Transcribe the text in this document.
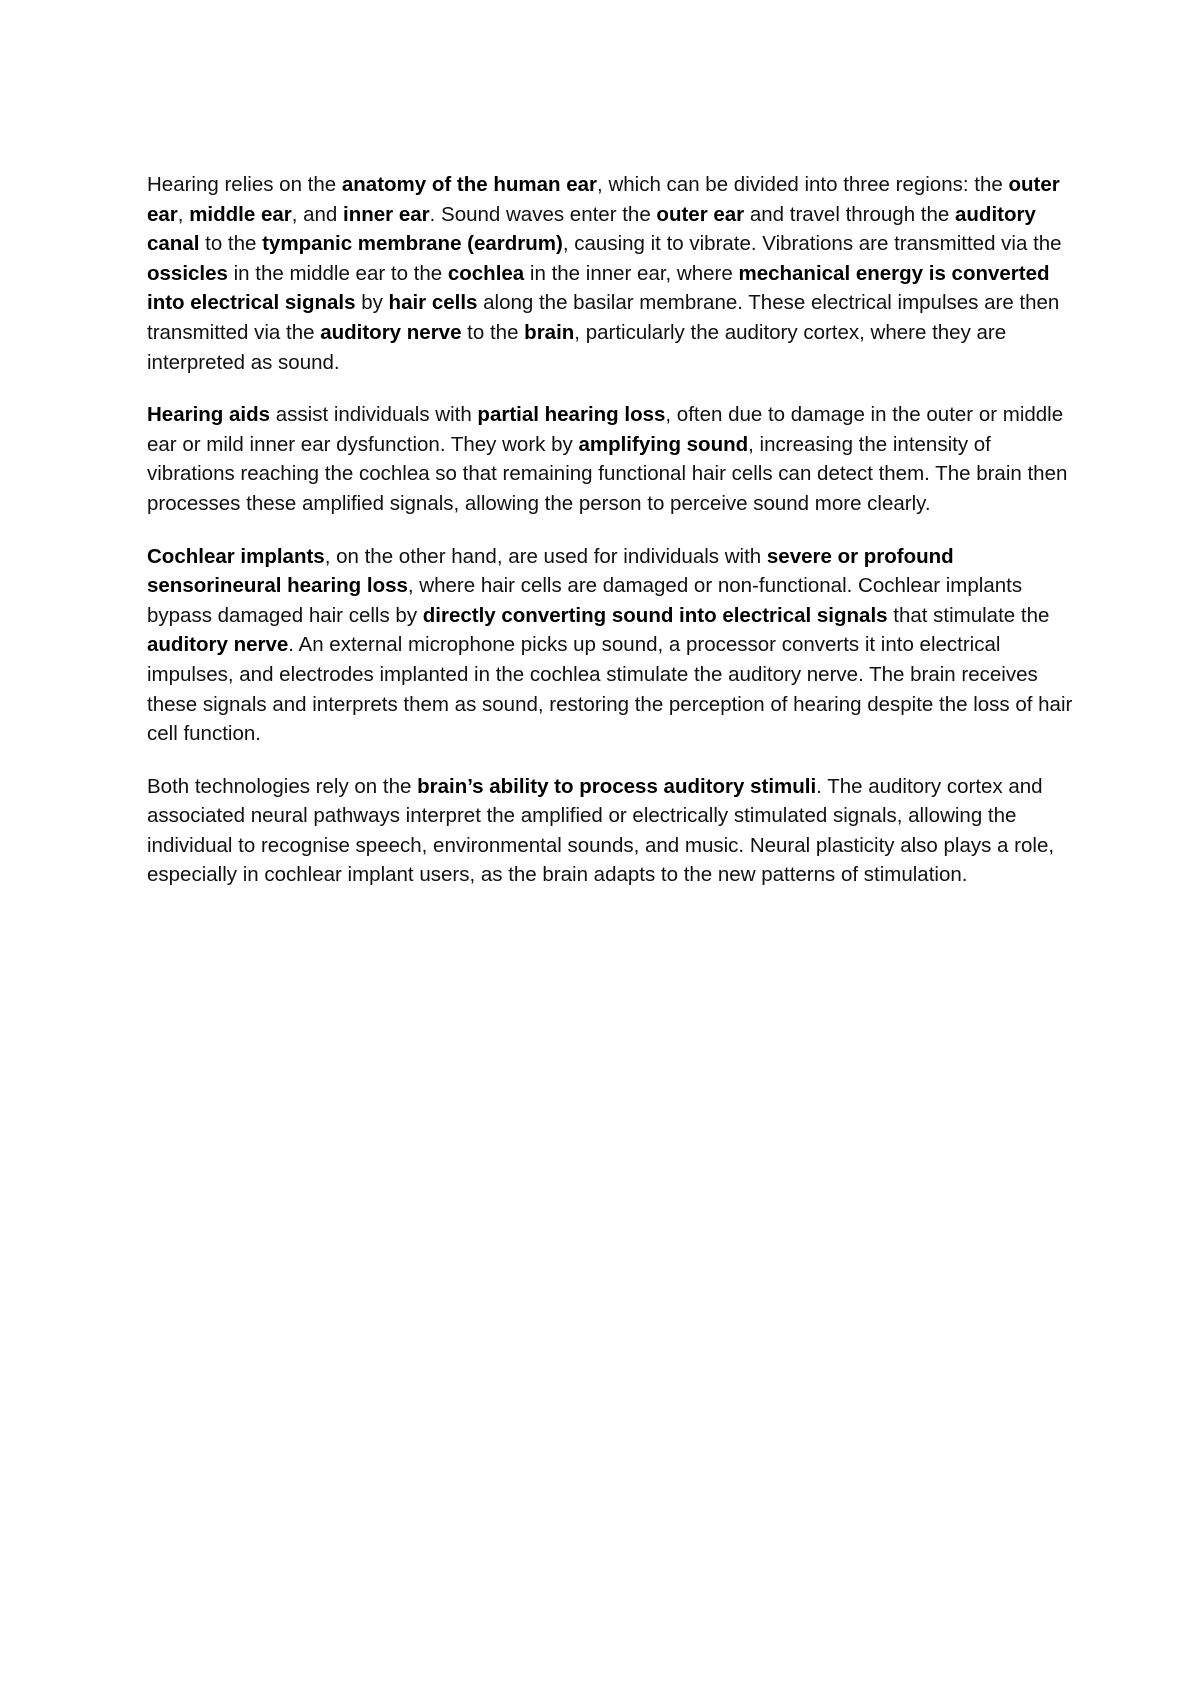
Hearing relies on the anatomy of the human ear, which can be divided into three regions: the outer ear, middle ear, and inner ear. Sound waves enter the outer ear and travel through the auditory canal to the tympanic membrane (eardrum), causing it to vibrate. Vibrations are transmitted via the ossicles in the middle ear to the cochlea in the inner ear, where mechanical energy is converted into electrical signals by hair cells along the basilar membrane. These electrical impulses are then transmitted via the auditory nerve to the brain, particularly the auditory cortex, where they are interpreted as sound.

Hearing aids assist individuals with partial hearing loss, often due to damage in the outer or middle ear or mild inner ear dysfunction. They work by amplifying sound, increasing the intensity of vibrations reaching the cochlea so that remaining functional hair cells can detect them. The brain then processes these amplified signals, allowing the person to perceive sound more clearly.

Cochlear implants, on the other hand, are used for individuals with severe or profound sensorineural hearing loss, where hair cells are damaged or non-functional. Cochlear implants bypass damaged hair cells by directly converting sound into electrical signals that stimulate the auditory nerve. An external microphone picks up sound, a processor converts it into electrical impulses, and electrodes implanted in the cochlea stimulate the auditory nerve. The brain receives these signals and interprets them as sound, restoring the perception of hearing despite the loss of hair cell function.

Both technologies rely on the brain’s ability to process auditory stimuli. The auditory cortex and associated neural pathways interpret the amplified or electrically stimulated signals, allowing the individual to recognise speech, environmental sounds, and music. Neural plasticity also plays a role, especially in cochlear implant users, as the brain adapts to the new patterns of stimulation.
